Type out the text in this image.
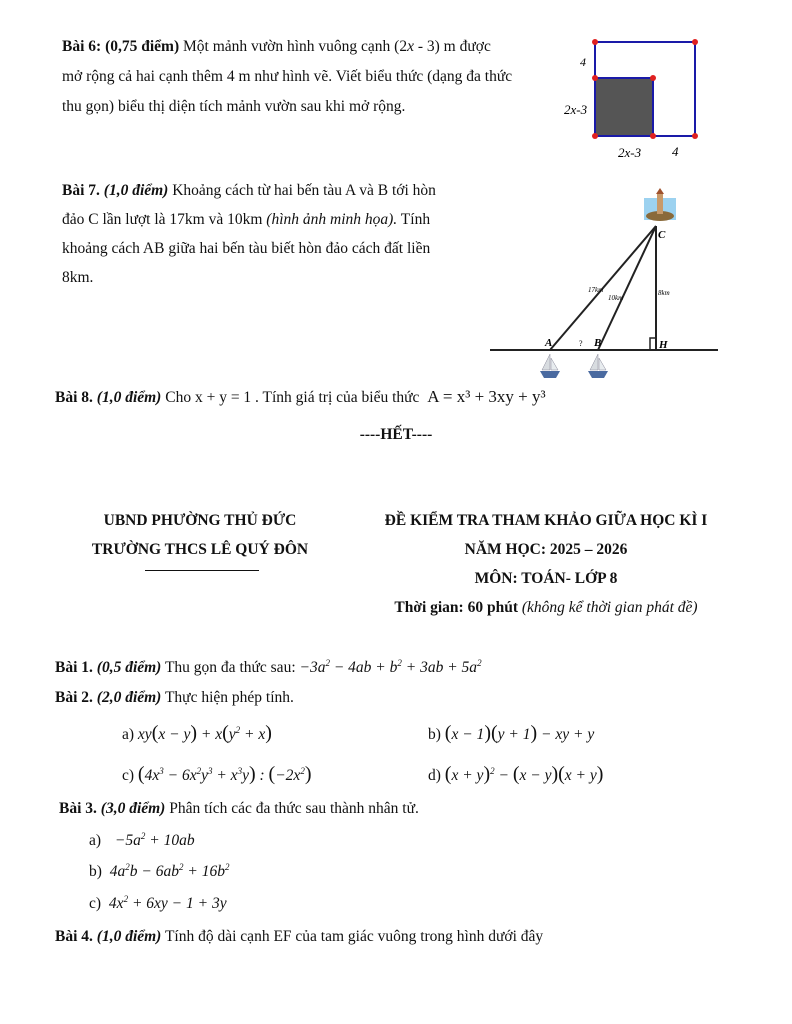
Bài 6: (0,75 điểm) Một mảnh vườn hình vuông cạnh (2x - 3) m được
mở rộng cả hai cạnh thêm 4 m như hình vẽ. Viết biểu thức (dạng đa thức
thu gọn) biểu thị diện tích mảnh vườn sau khi mở rộng.
4
2x-3
2x-3 4
Bài 7. (1,0 điểm) Khoảng cách từ hai bến tàu A và B tới hòn
đảo C lần lượt là 17km và 10km (hình ảnh minh họa). Tính
khoảng cách AB giữa hai bến tàu biết hòn đảo cách đất liền
8km.
C
A	B	H
?
17km
10km
8km
Bài 8. (1,0 điểm) Cho x + y = 1 . Tính giá trị của biểu thức A = x³ + 3xy + y³
----HẾT----
UBND PHƯỜNG THỦ ĐỨC
TRƯỜNG THCS LÊ QUÝ ĐÔN
ĐỀ KIỂM TRA THAM KHẢO GIỮA HỌC KÌ I
NĂM HỌC: 2025 – 2026
MÔN: TOÁN- LỚP 8
Thời gian: 60 phút (không kể thời gian phát đề)
Bài 1. (0,5 điểm) Thu gọn đa thức sau: $-3a^2 - 4ab + b^2 + 3ab + 5a^2$
Bài 2. (2,0 điểm) Thực hiện phép tính.
a) $xy(x - y) + x(y^2 + x)$	b) (x − 1)(y + 1) − xy + y
c) $(4x^3 - 6x^2y^3 + x^3y)$ : $(-2x^2)$	d) $(x + y)^2 - (x - y)(x + y)$
Bài 3. (3,0 điểm) Phân tích các đa thức sau thành nhân tử.
$a) -5a^2 + 10ab$
b) $4a^2b - 6ab^2 + 16b^2$
c) $4x^2 + 6xy - 1 + 3y$
Bài 4. (1,0 điểm) Tính độ dài cạnh EF của tam giác vuông trong hình dưới đây
